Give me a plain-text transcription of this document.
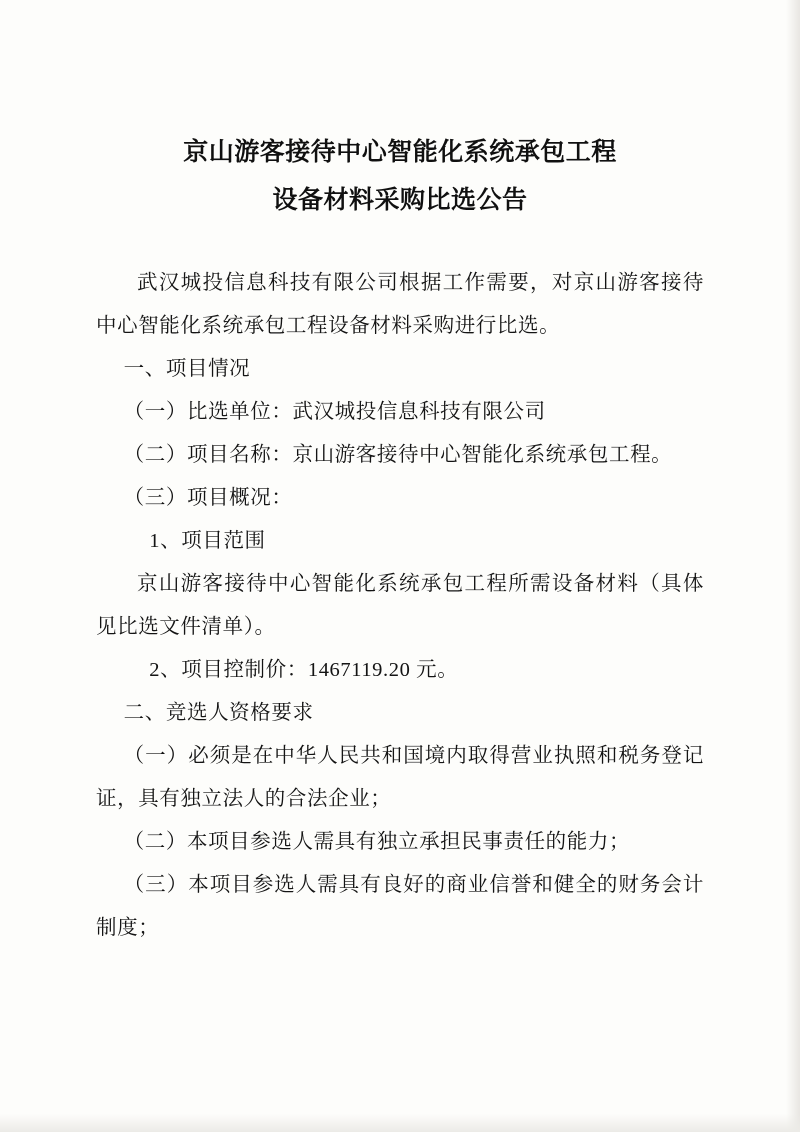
京山游客接待中心智能化系统承包工程
设备材料采购比选公告

武汉城投信息科技有限公司根据工作需要，对京山游客接待中心智能化系统承包工程设备材料采购进行比选。

一、项目情况

（一）比选单位：武汉城投信息科技有限公司

（二）项目名称：京山游客接待中心智能化系统承包工程。

（三）项目概况：

1、项目范围

京山游客接待中心智能化系统承包工程所需设备材料（具体见比选文件清单）。

2、项目控制价：1467119.20 元。

二、竞选人资格要求

（一）必须是在中华人民共和国境内取得营业执照和税务登记证，具有独立法人的合法企业；

（二）本项目参选人需具有独立承担民事责任的能力；

（三）本项目参选人需具有良好的商业信誉和健全的财务会计制度；
